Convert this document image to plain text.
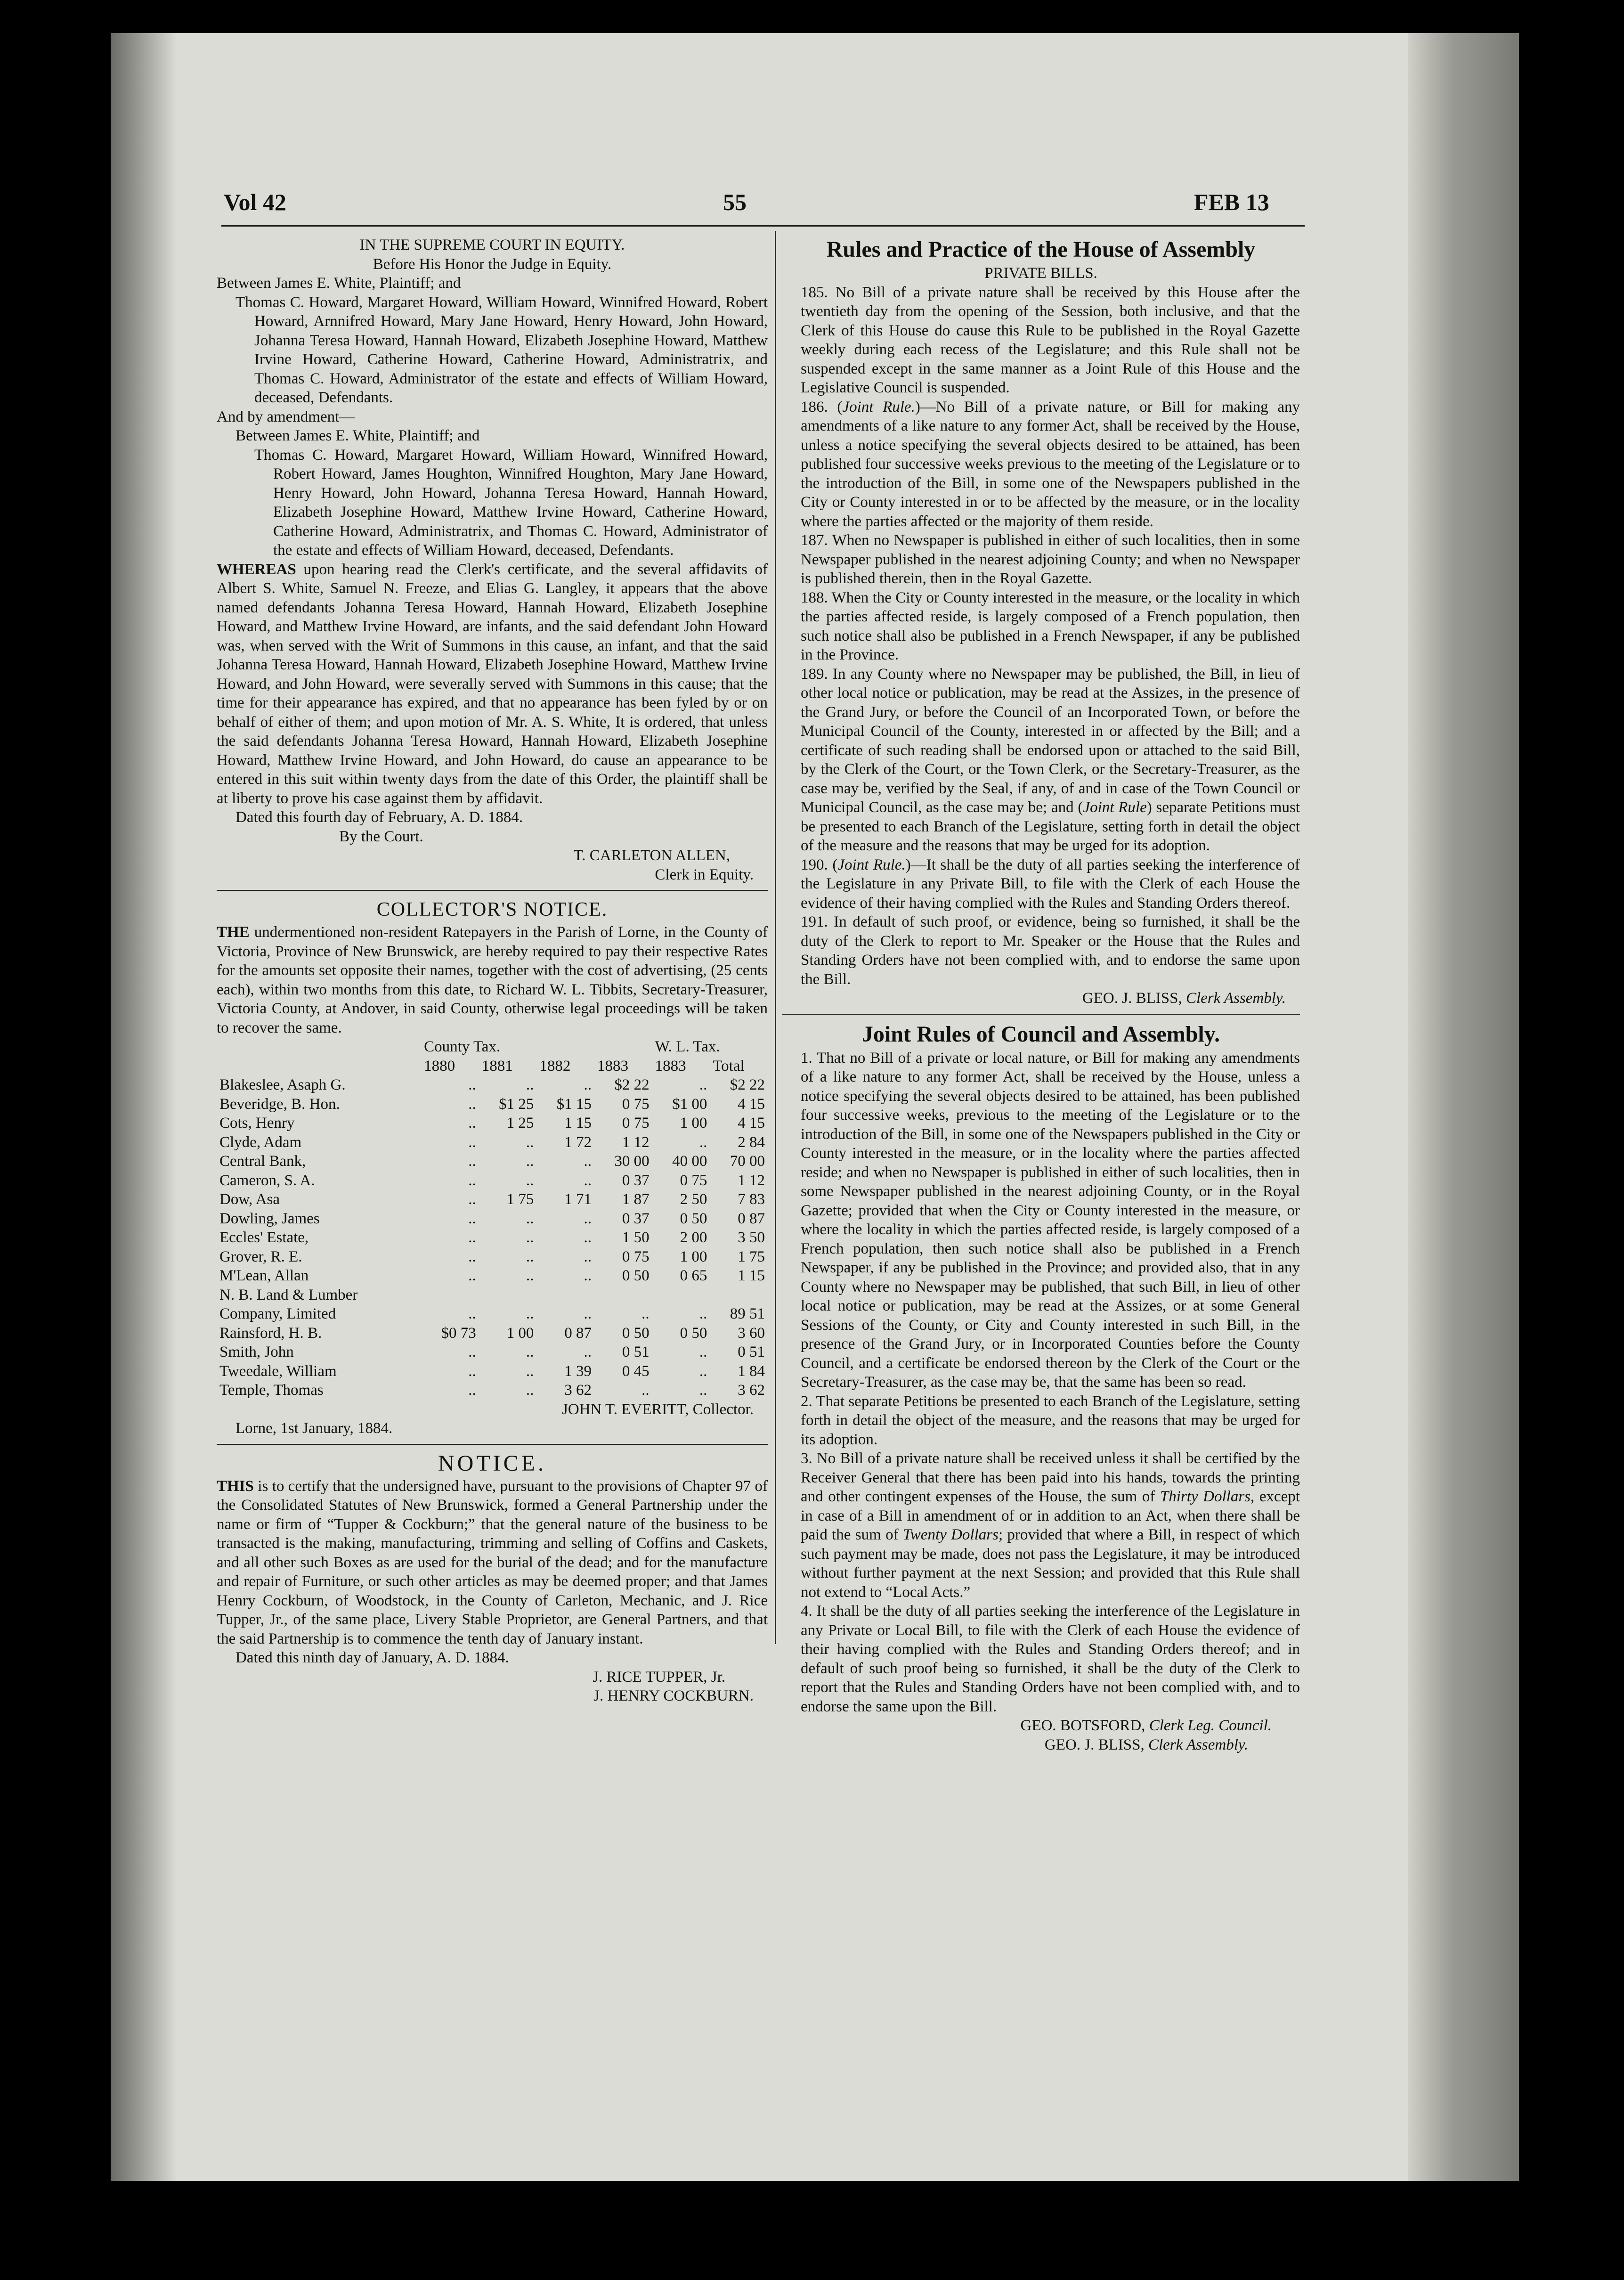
Vol 42	55	FEB 13

IN THE SUPREME COURT IN EQUITY.

Before His Honor the Judge in Equity.

Between James E. White, Plaintiff; and

Thomas C. Howard, Margaret Howard, William Howard, Winnifred Howard, Robert Howard, Arnnifred Howard, Mary Jane Howard, Henry Howard, John Howard, Johanna Teresa Howard, Hannah Howard, Elizabeth Josephine Howard, Matthew Irvine Howard, Catherine Howard, Catherine Howard, Administratrix, and Thomas C. Howard, Administrator of the estate and effects of William Howard, deceased, Defendants.

And by amendment—

Between James E. White, Plaintiff; and

Thomas C. Howard, Margaret Howard, William Howard, Winnifred Howard, Robert Howard, James Houghton, Winnifred Houghton, Mary Jane Howard, Henry Howard, John Howard, Johanna Teresa Howard, Hannah Howard, Elizabeth Josephine Howard, Matthew Irvine Howard, Catherine Howard, Catherine Howard, Administratrix, and Thomas C. Howard, Administrator of the estate and effects of William Howard, deceased, Defendants.

WHEREAS upon hearing read the Clerk's certificate, and the several affidavits of Albert S. White, Samuel N. Freeze, and Elias G. Langley, it appears that the above named defendants Johanna Teresa Howard, Hannah Howard, Elizabeth Josephine Howard, and Matthew Irvine Howard, are infants, and the said defendant John Howard was, when served with the Writ of Summons in this cause, an infant, and that the said Johanna Teresa Howard, Hannah Howard, Elizabeth Josephine Howard, Matthew Irvine Howard, and John Howard, were severally served with Summons in this cause; that the time for their appearance has expired, and that no appearance has been fyled by or on behalf of either of them; and upon motion of Mr. A. S. White, It is ordered, that unless the said defendants Johanna Teresa Howard, Hannah Howard, Elizabeth Josephine Howard, Matthew Irvine Howard, and John Howard, do cause an appearance to be entered in this suit within twenty days from the date of this Order, the plaintiff shall be at liberty to prove his case against them by affidavit.

Dated this fourth day of February, A. D. 1884.

By the Court.

T. CARLETON ALLEN,

Clerk in Equity.

COLLECTOR'S NOTICE.

THE undermentioned non-resident Ratepayers in the Parish of Lorne, in the County of Victoria, Province of New Brunswick, are hereby required to pay their respective Rates for the amounts set opposite their names, together with the cost of advertising, (25 cents each), within two months from this date, to Richard W. L. Tibbits, Secretary-Treasurer, Victoria County, at Andover, in said County, otherwise legal proceedings will be taken to recover the same.

	County Tax.				W. L. Tax.	
	1880	1881	1882	1883	1883	Total
Blakeslee, Asaph G.	..	..	..	$2 22	..	$2 22
Beveridge, B. Hon.	..	$1 25	$1 15	0 75	$1 00	4 15
Cots, Henry	..	1 25	1 15	0 75	1 00	4 15
Clyde, Adam	..	..	1 72	1 12	..	2 84
Central Bank,	..	..	..	30 00	40 00	70 00
Cameron, S. A.	..	..	..	0 37	0 75	1 12
Dow, Asa	..	1 75	1 71	1 87	2 50	7 83
Dowling, James	..	..	..	0 37	0 50	0 87
Eccles' Estate,	..	..	..	1 50	2 00	3 50
Grover, R. E.	..	..	..	0 75	1 00	1 75
M'Lean, Allan	..	..	..	0 50	0 65	1 15
N. B. Land & Lumber						
Company, Limited	..	..	..	..	..	89 51
Rainsford, H. B.	$0 73	1 00	0 87	0 50	0 50	3 60
Smith, John	..	..	..	0 51	..	0 51
Tweedale, William	..	..	1 39	0 45	..	1 84
Temple, Thomas	..	..	3 62	..	..	3 62

JOHN T. EVERITT, Collector.

Lorne, 1st January, 1884.

NOTICE.

THIS is to certify that the undersigned have, pursuant to the provisions of Chapter 97 of the Consolidated Statutes of New Brunswick, formed a General Partnership under the name or firm of “Tupper & Cockburn;” that the general nature of the business to be transacted is the making, manufacturing, trimming and selling of Coffins and Caskets, and all other such Boxes as are used for the burial of the dead; and for the manufacture and repair of Furniture, or such other articles as may be deemed proper; and that James Henry Cockburn, of Woodstock, in the County of Carleton, Mechanic, and J. Rice Tupper, Jr., of the same place, Livery Stable Proprietor, are General Partners, and that the said Partnership is to commence the tenth day of January instant.

Dated this ninth day of January, A. D. 1884.

J. RICE TUPPER, Jr.

J. HENRY COCKBURN.

Rules and Practice of the House of Assembly

PRIVATE BILLS.

185. No Bill of a private nature shall be received by this House after the twentieth day from the opening of the Session, both inclusive, and that the Clerk of this House do cause this Rule to be published in the Royal Gazette weekly during each recess of the Legislature; and this Rule shall not be suspended except in the same manner as a Joint Rule of this House and the Legislative Council is suspended.

186. (Joint Rule.)—No Bill of a private nature, or Bill for making any amendments of a like nature to any former Act, shall be received by the House, unless a notice specifying the several objects desired to be attained, has been published four successive weeks previous to the meeting of the Legislature or to the introduction of the Bill, in some one of the Newspapers published in the City or County interested in or to be affected by the measure, or in the locality where the parties affected or the majority of them reside.

187. When no Newspaper is published in either of such localities, then in some Newspaper published in the nearest adjoining County; and when no Newspaper is published therein, then in the Royal Gazette.

188. When the City or County interested in the measure, or the locality in which the parties affected reside, is largely composed of a French population, then such notice shall also be published in a French Newspaper, if any be published in the Province.

189. In any County where no Newspaper may be published, the Bill, in lieu of other local notice or publication, may be read at the Assizes, in the presence of the Grand Jury, or before the Council of an Incorporated Town, or before the Municipal Council of the County, interested in or affected by the Bill; and a certificate of such reading shall be endorsed upon or attached to the said Bill, by the Clerk of the Court, or the Town Clerk, or the Secretary-Treasurer, as the case may be, verified by the Seal, if any, of and in case of the Town Council or Municipal Council, as the case may be; and (Joint Rule) separate Petitions must be presented to each Branch of the Legislature, setting forth in detail the object of the measure and the reasons that may be urged for its adoption.

190. (Joint Rule.)—It shall be the duty of all parties seeking the interference of the Legislature in any Private Bill, to file with the Clerk of each House the evidence of their having complied with the Rules and Standing Orders thereof.

191. In default of such proof, or evidence, being so furnished, it shall be the duty of the Clerk to report to Mr. Speaker or the House that the Rules and Standing Orders have not been complied with, and to endorse the same upon the Bill.

GEO. J. BLISS, Clerk Assembly.

Joint Rules of Council and Assembly.

1. That no Bill of a private or local nature, or Bill for making any amendments of a like nature to any former Act, shall be received by the House, unless a notice specifying the several objects desired to be attained, has been published four successive weeks, previous to the meeting of the Legislature or to the introduction of the Bill, in some one of the Newspapers published in the City or County interested in the measure, or in the locality where the parties affected reside; and when no Newspaper is published in either of such localities, then in some Newspaper published in the nearest adjoining County, or in the Royal Gazette; provided that when the City or County interested in the measure, or where the locality in which the parties affected reside, is largely composed of a French population, then such notice shall also be published in a French Newspaper, if any be published in the Province; and provided also, that in any County where no Newspaper may be published, that such Bill, in lieu of other local notice or publication, may be read at the Assizes, or at some General Sessions of the County, or City and County interested in such Bill, in the presence of the Grand Jury, or in Incorporated Counties before the County Council, and a certificate be endorsed thereon by the Clerk of the Court or the Secretary-Treasurer, as the case may be, that the same has been so read.

2. That separate Petitions be presented to each Branch of the Legislature, setting forth in detail the object of the measure, and the reasons that may be urged for its adoption.

3. No Bill of a private nature shall be received unless it shall be certified by the Receiver General that there has been paid into his hands, towards the printing and other contingent expenses of the House, the sum of Thirty Dollars, except in case of a Bill in amendment of or in addition to an Act, when there shall be paid the sum of Twenty Dollars; provided that where a Bill, in respect of which such payment may be made, does not pass the Legislature, it may be introduced without further payment at the next Session; and provided that this Rule shall not extend to “Local Acts.”

4. It shall be the duty of all parties seeking the interference of the Legislature in any Private or Local Bill, to file with the Clerk of each House the evidence of their having complied with the Rules and Standing Orders thereof; and in default of such proof being so furnished, it shall be the duty of the Clerk to report that the Rules and Standing Orders have not been complied with, and to endorse the same upon the Bill.

GEO. BOTSFORD, Clerk Leg. Council.

GEO. J. BLISS, Clerk Assembly.
